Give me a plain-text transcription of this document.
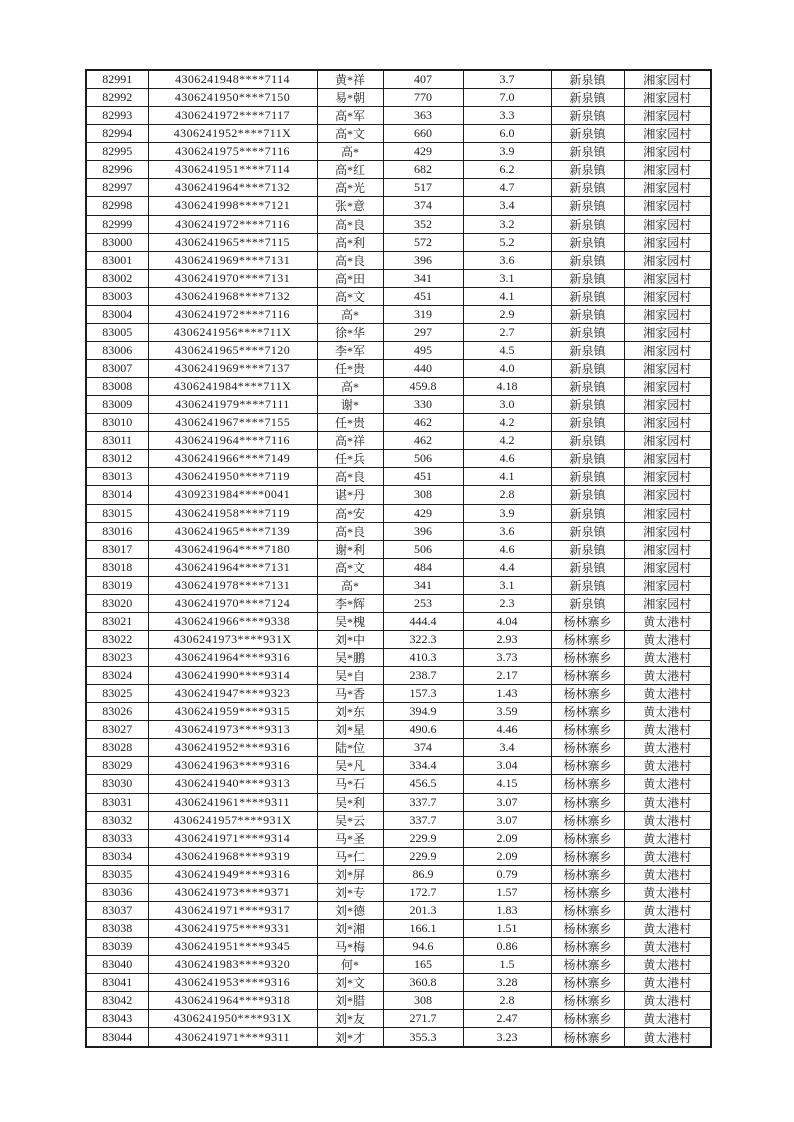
82991	4306241948****7114	黄*祥	407	3.7	新泉镇	湘家园村
82992	4306241950****7150	易*朝	770	7.0	新泉镇	湘家园村
82993	4306241972****7117	高*军	363	3.3	新泉镇	湘家园村
82994	4306241952****711X	高*文	660	6.0	新泉镇	湘家园村
82995	4306241975****7116	高*	429	3.9	新泉镇	湘家园村
82996	4306241951****7114	高*红	682	6.2	新泉镇	湘家园村
82997	4306241964****7132	高*光	517	4.7	新泉镇	湘家园村
82998	4306241998****7121	张*意	374	3.4	新泉镇	湘家园村
82999	4306241972****7116	高*良	352	3.2	新泉镇	湘家园村
83000	4306241965****7115	高*利	572	5.2	新泉镇	湘家园村
83001	4306241969****7131	高*良	396	3.6	新泉镇	湘家园村
83002	4306241970****7131	高*田	341	3.1	新泉镇	湘家园村
83003	4306241968****7132	高*文	451	4.1	新泉镇	湘家园村
83004	4306241972****7116	高*	319	2.9	新泉镇	湘家园村
83005	4306241956****711X	徐*华	297	2.7	新泉镇	湘家园村
83006	4306241965****7120	李*军	495	4.5	新泉镇	湘家园村
83007	4306241969****7137	任*贵	440	4.0	新泉镇	湘家园村
83008	4306241984****711X	高*	459.8	4.18	新泉镇	湘家园村
83009	4306241979****7111	谢*	330	3.0	新泉镇	湘家园村
83010	4306241967****7155	任*贵	462	4.2	新泉镇	湘家园村
83011	4306241964****7116	高*祥	462	4.2	新泉镇	湘家园村
83012	4306241966****7149	任*兵	506	4.6	新泉镇	湘家园村
83013	4306241950****7119	高*良	451	4.1	新泉镇	湘家园村
83014	4309231984****0041	谌*丹	308	2.8	新泉镇	湘家园村
83015	4306241958****7119	高*安	429	3.9	新泉镇	湘家园村
83016	4306241965****7139	高*良	396	3.6	新泉镇	湘家园村
83017	4306241964****7180	谢*利	506	4.6	新泉镇	湘家园村
83018	4306241964****7131	高*文	484	4.4	新泉镇	湘家园村
83019	4306241978****7131	高*	341	3.1	新泉镇	湘家园村
83020	4306241970****7124	李*辉	253	2.3	新泉镇	湘家园村
83021	4306241966****9338	吴*槐	444.4	4.04	杨林寨乡	黄太港村
83022	4306241973****931X	刘*中	322.3	2.93	杨林寨乡	黄太港村
83023	4306241964****9316	吴*鹏	410.3	3.73	杨林寨乡	黄太港村
83024	4306241990****9314	吴*自	238.7	2.17	杨林寨乡	黄太港村
83025	4306241947****9323	马*香	157.3	1.43	杨林寨乡	黄太港村
83026	4306241959****9315	刘*东	394.9	3.59	杨林寨乡	黄太港村
83027	4306241973****9313	刘*星	490.6	4.46	杨林寨乡	黄太港村
83028	4306241952****9316	陆*位	374	3.4	杨林寨乡	黄太港村
83029	4306241963****9316	吴*凡	334.4	3.04	杨林寨乡	黄太港村
83030	4306241940****9313	马*石	456.5	4.15	杨林寨乡	黄太港村
83031	4306241961****9311	吴*利	337.7	3.07	杨林寨乡	黄太港村
83032	4306241957****931X	吴*云	337.7	3.07	杨林寨乡	黄太港村
83033	4306241971****9314	马*圣	229.9	2.09	杨林寨乡	黄太港村
83034	4306241968****9319	马*仁	229.9	2.09	杨林寨乡	黄太港村
83035	4306241949****9316	刘*屏	86.9	0.79	杨林寨乡	黄太港村
83036	4306241973****9371	刘*专	172.7	1.57	杨林寨乡	黄太港村
83037	4306241971****9317	刘*德	201.3	1.83	杨林寨乡	黄太港村
83038	4306241975****9331	刘*湘	166.1	1.51	杨林寨乡	黄太港村
83039	4306241951****9345	马*梅	94.6	0.86	杨林寨乡	黄太港村
83040	4306241983****9320	何*	165	1.5	杨林寨乡	黄太港村
83041	4306241953****9316	刘*文	360.8	3.28	杨林寨乡	黄太港村
83042	4306241964****9318	刘*腊	308	2.8	杨林寨乡	黄太港村
83043	4306241950****931X	刘*友	271.7	2.47	杨林寨乡	黄太港村
83044	4306241971****9311	刘*才	355.3	3.23	杨林寨乡	黄太港村
